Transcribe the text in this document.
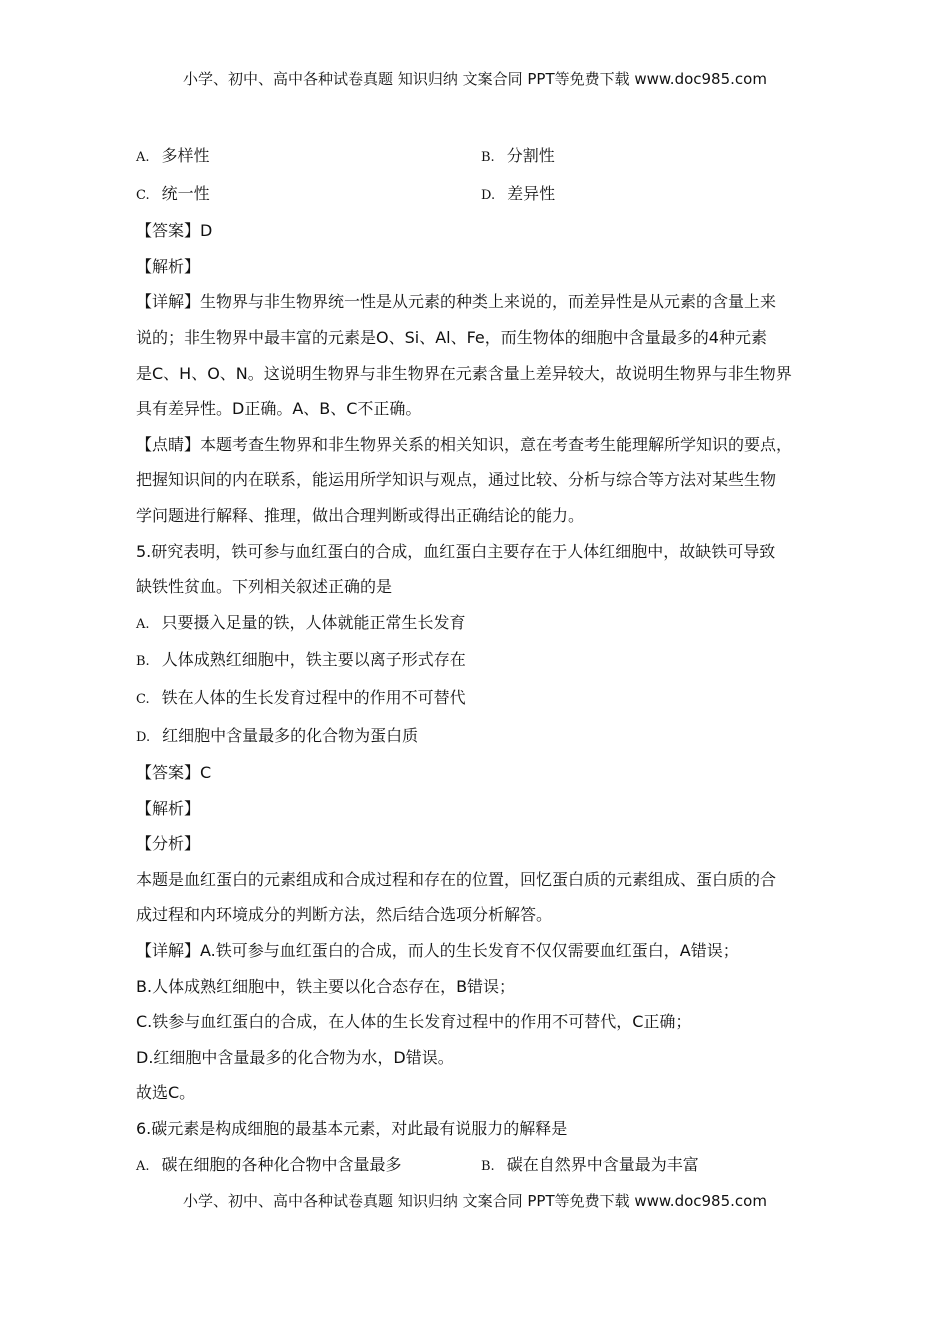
小学、初中、高中各种试卷真题 知识归纳 文案合同 PPT等免费下载 www.doc985.com
A. 多样性	B. 分割性
C. 统一性	D. 差异性
【答案】D
【解析】
【详解】生物界与非生物界统一性是从元素的种类上来说的，而差异性是从元素的含量上来
说的；非生物界中最丰富的元素是O、Si、Al、Fe，而生物体的细胞中含量最多的4种元素
是C、H、O、N。这说明生物界与非生物界在元素含量上差异较大，故说明生物界与非生物界
具有差异性。D正确。A、B、C不正确。
【点睛】本题考查生物界和非生物界关系的相关知识，意在考查考生能理解所学知识的要点，
把握知识间的内在联系，能运用所学知识与观点，通过比较、分析与综合等方法对某些生物
学问题进行解释、推理，做出合理判断或得出正确结论的能力。
5.研究表明，铁可参与血红蛋白的合成，血红蛋白主要存在于人体红细胞中，故缺铁可导致
缺铁性贫血。下列相关叙述正确的是
A. 只要摄入足量的铁，人体就能正常生长发育
B. 人体成熟红细胞中，铁主要以离子形式存在
C. 铁在人体的生长发育过程中的作用不可替代
D. 红细胞中含量最多的化合物为蛋白质
【答案】C
【解析】
【分析】
本题是血红蛋白的元素组成和合成过程和存在的位置，回忆蛋白质的元素组成、蛋白质的合
成过程和内环境成分的判断方法，然后结合选项分析解答。
【详解】A.铁可参与血红蛋白的合成，而人的生长发育不仅仅需要血红蛋白，A错误；
B.人体成熟红细胞中，铁主要以化合态存在，B错误；
C.铁参与血红蛋白的合成，在人体的生长发育过程中的作用不可替代，C正确；
D.红细胞中含量最多的化合物为水，D错误。
故选C。
6.碳元素是构成细胞的最基本元素，对此最有说服力的解释是
A. 碳在细胞的各种化合物中含量最多	B. 碳在自然界中含量最为丰富
小学、初中、高中各种试卷真题 知识归纳 文案合同 PPT等免费下载 www.doc985.com
